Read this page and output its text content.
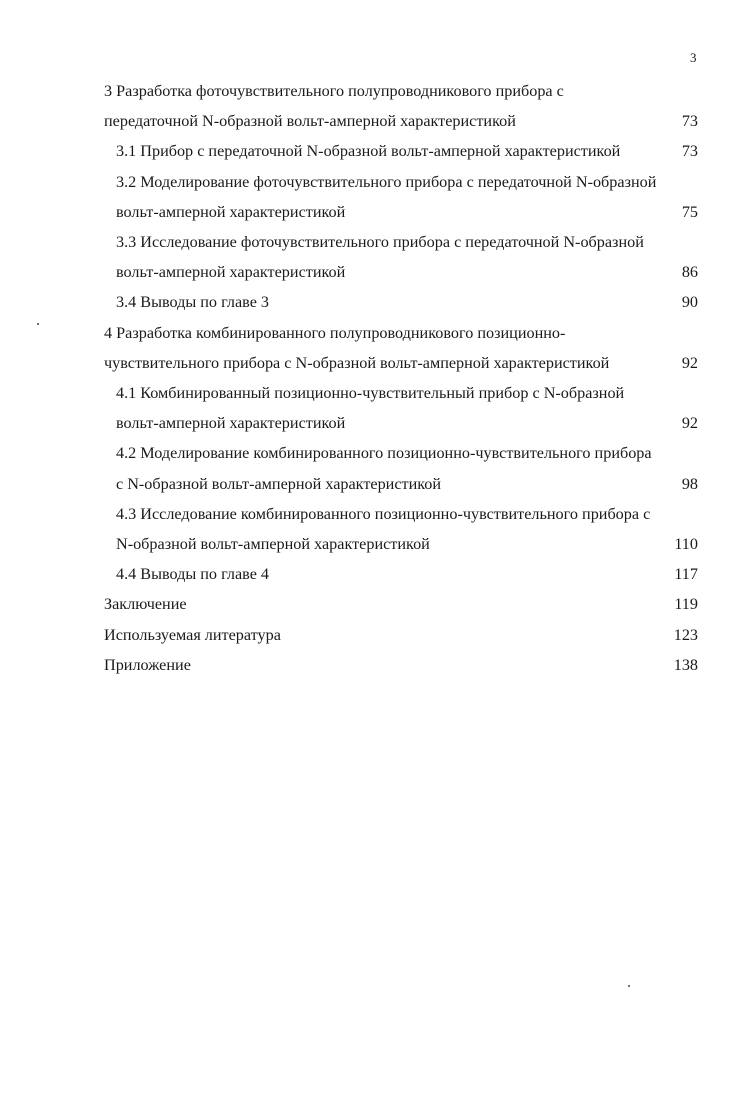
3
3 Разработка фоточувствительного полупроводникового прибора с
передаточной N-образной вольт-амперной характеристикой	73
3.1 Прибор с передаточной N-образной вольт-амперной характеристикой	73
3.2 Моделирование фоточувствительного прибора с передаточной N-образной
вольт-амперной характеристикой	75
3.3 Исследование фоточувствительного прибора с передаточной N-образной
вольт-амперной характеристикой	86
3.4 Выводы по главе 3	90
4 Разработка комбинированного полупроводникового позиционно-
чувствительного прибора с N-образной вольт-амперной характеристикой	92
4.1 Комбинированный позиционно-чувствительный прибор с N-образной
вольт-амперной характеристикой	92
4.2 Моделирование комбинированного позиционно-чувствительного прибора
с N-образной вольт-амперной характеристикой	98
4.3 Исследование комбинированного позиционно-чувствительного прибора с
N-образной вольт-амперной характеристикой	110
4.4 Выводы по главе 4	117
Заключение	119
Используемая литература	123
Приложение	138
